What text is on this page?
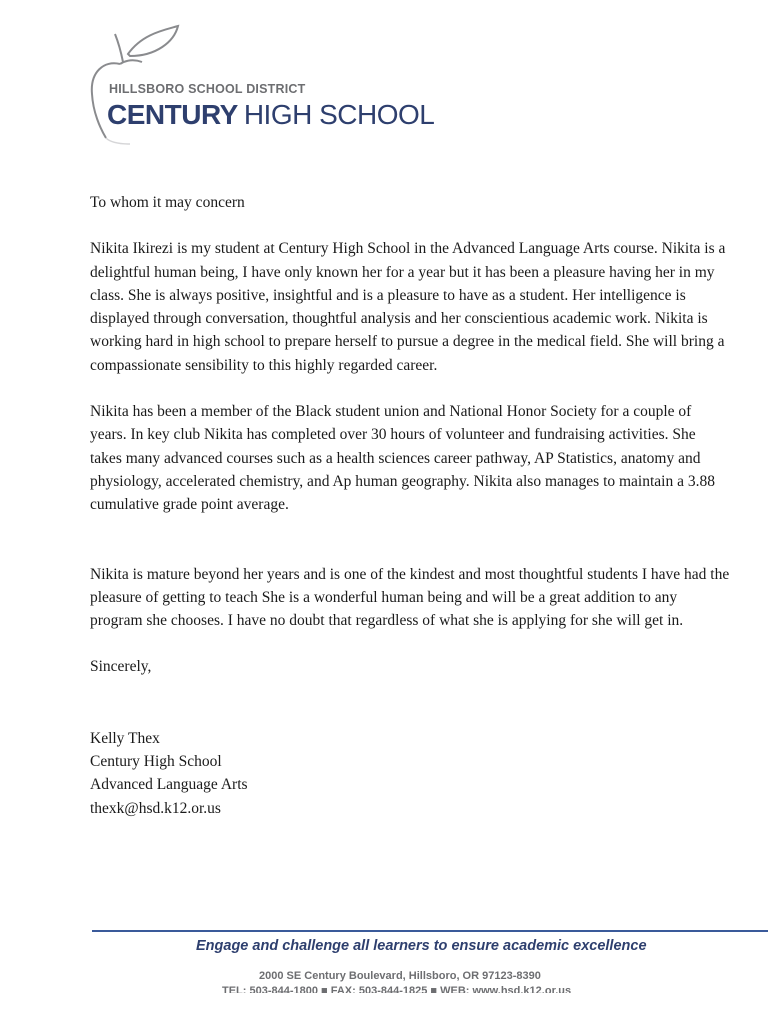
HILLSBORO SCHOOL DISTRICT
CENTURY HIGH SCHOOL

To whom it may concern

Nikita Ikirezi is my student at Century High School in the Advanced Language Arts course. Nikita is a delightful human being, I have only known her for a year but it has been a pleasure having her in my class. She is always positive, insightful and is a pleasure to have as a student. Her intelligence is displayed through conversation, thoughtful analysis and her conscientious academic work. Nikita is working hard in high school to prepare herself to pursue a degree in the medical field. She will bring a compassionate sensibility to this highly regarded career.

Nikita has been a member of the Black student union and National Honor Society for a couple of years. In key club Nikita has completed over 30 hours of volunteer and fundraising activities. She takes many advanced courses such as a health sciences career pathway, AP Statistics, anatomy and physiology, accelerated chemistry, and Ap human geography. Nikita also manages to maintain a 3.88 cumulative grade point average.

Nikita is mature beyond her years and is one of the kindest and most thoughtful students I have had the pleasure of getting to teach She is a wonderful human being and will be a great addition to any program she chooses. I have no doubt that regardless of what she is applying for she will get in.

Sincerely,

Kelly Thex

Century High School

Advanced Language Arts

thexk@hsd.k12.or.us

Engage and challenge all learners to ensure academic excellence
2000 SE Century Boulevard, Hillsboro, OR 97123-8390
TEL: 503-844-1800 ■ FAX: 503-844-1825 ■ WEB: www.hsd.k12.or.us
